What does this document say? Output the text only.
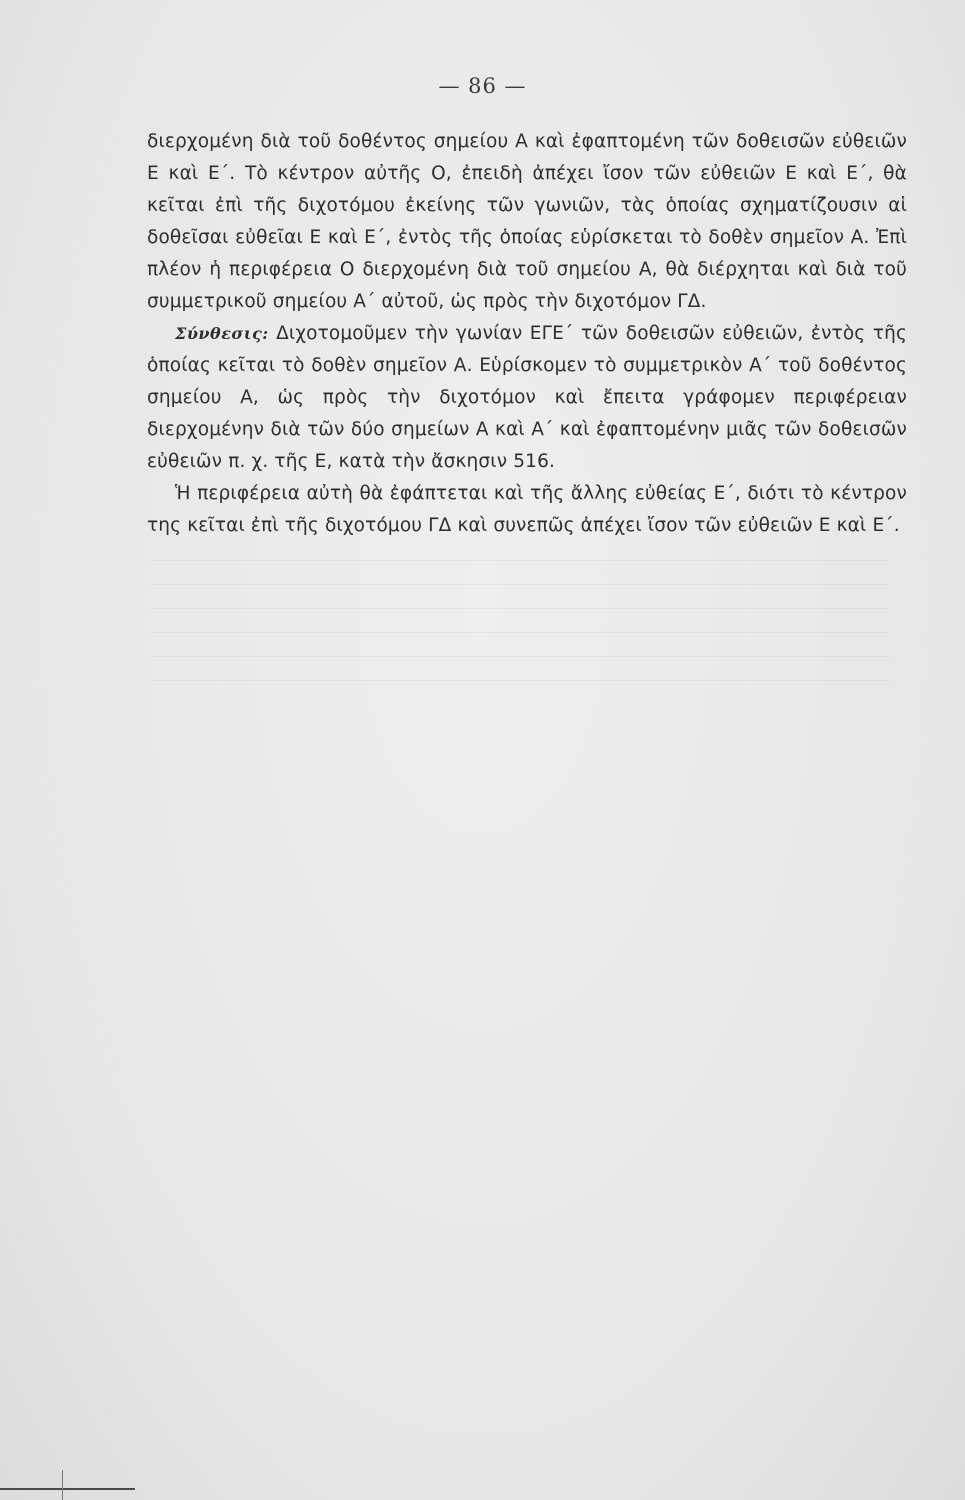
— 86 —

διερχομένη διὰ τοῦ δοθέντος σημείου Α καὶ ἐφαπτομένη τῶν δοθεισῶν εὐθειῶν Ε καὶ Ε΄. Τὸ κέντρον αὐτῆς Ο, ἐπειδὴ ἀπέχει ἴσον τῶν εὐθειῶν Ε καὶ Ε΄, θὰ κεῖται ἐπὶ τῆς διχοτόμου ἐκείνης τῶν γωνιῶν, τὰς ὁποίας σχηματίζουσιν αἱ δοθεῖσαι εὐθεῖαι Ε καὶ Ε΄, ἐντὸς τῆς ὁποίας εὑρίσκεται τὸ δοθὲν σημεῖον Α. Ἐπὶ πλέον ἡ περιφέρεια Ο διερχομένη διὰ τοῦ σημείου Α, θὰ διέρχηται καὶ διὰ τοῦ συμμετρικοῦ σημείου Α΄ αὐτοῦ, ὡς πρὸς τὴν διχοτόμον ΓΔ.

Σύνθεσις: Διχοτομοῦμεν τὴν γωνίαν ΕΓΕ΄ τῶν δοθεισῶν εὐθειῶν, ἐντὸς τῆς ὁποίας κεῖται τὸ δοθὲν σημεῖον Α. Εὑρίσκομεν τὸ συμμετρικὸν Α΄ τοῦ δοθέντος σημείου Α, ὡς πρὸς τὴν διχοτόμον καὶ ἔπειτα γράφομεν περιφέρειαν διερχομένην διὰ τῶν δύο σημείων Α καὶ Α΄ καὶ ἐφαπτομένην μιᾶς τῶν δοθεισῶν εὐθειῶν π. χ. τῆς Ε, κατὰ τὴν ἄσκησιν 516.

Ἡ περιφέρεια αὐτὴ θὰ ἐφάπτεται καὶ τῆς ἄλλης εὐθείας Ε΄, διότι τὸ κέντρον της κεῖται ἐπὶ τῆς διχοτόμου ΓΔ καὶ συνεπῶς ἀπέχει ἴσον τῶν εὐθειῶν Ε καὶ Ε΄.
